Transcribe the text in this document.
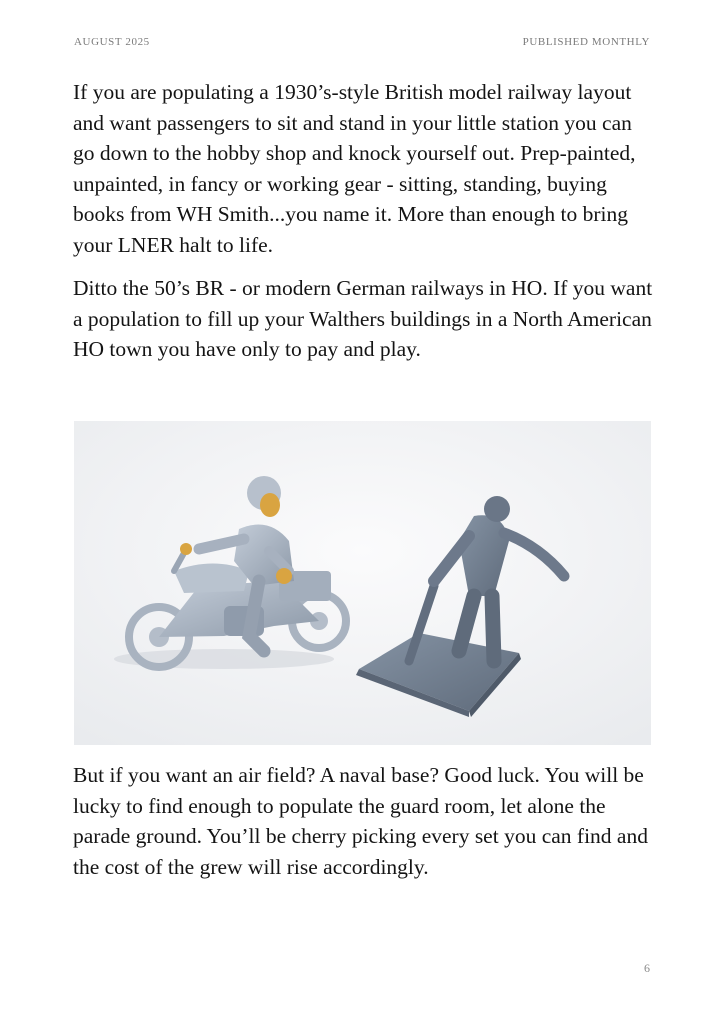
AUGUST 2025	PUBLISHED MONTHLY

If you are populating a 1930’s-style British model railway layout and want passengers to sit and stand in your little station you can go down to the hobby shop and knock yourself out. Prep-painted, unpainted, in fancy or working gear - sitting, standing, buying books from WH Smith...you name it. More than enough to bring your LNER halt to life.

Ditto the 50’s BR - or modern German railways in HO. If you want a population to fill up your Walthers buildings in a North American HO town you have only to pay and play.

But if you want an air field? A naval base? Good luck. You will be lucky to find enough to populate the guard room, let alone the parade ground. You’ll be cherry picking every set you can find and the cost of the grew will rise accordingly.

6
